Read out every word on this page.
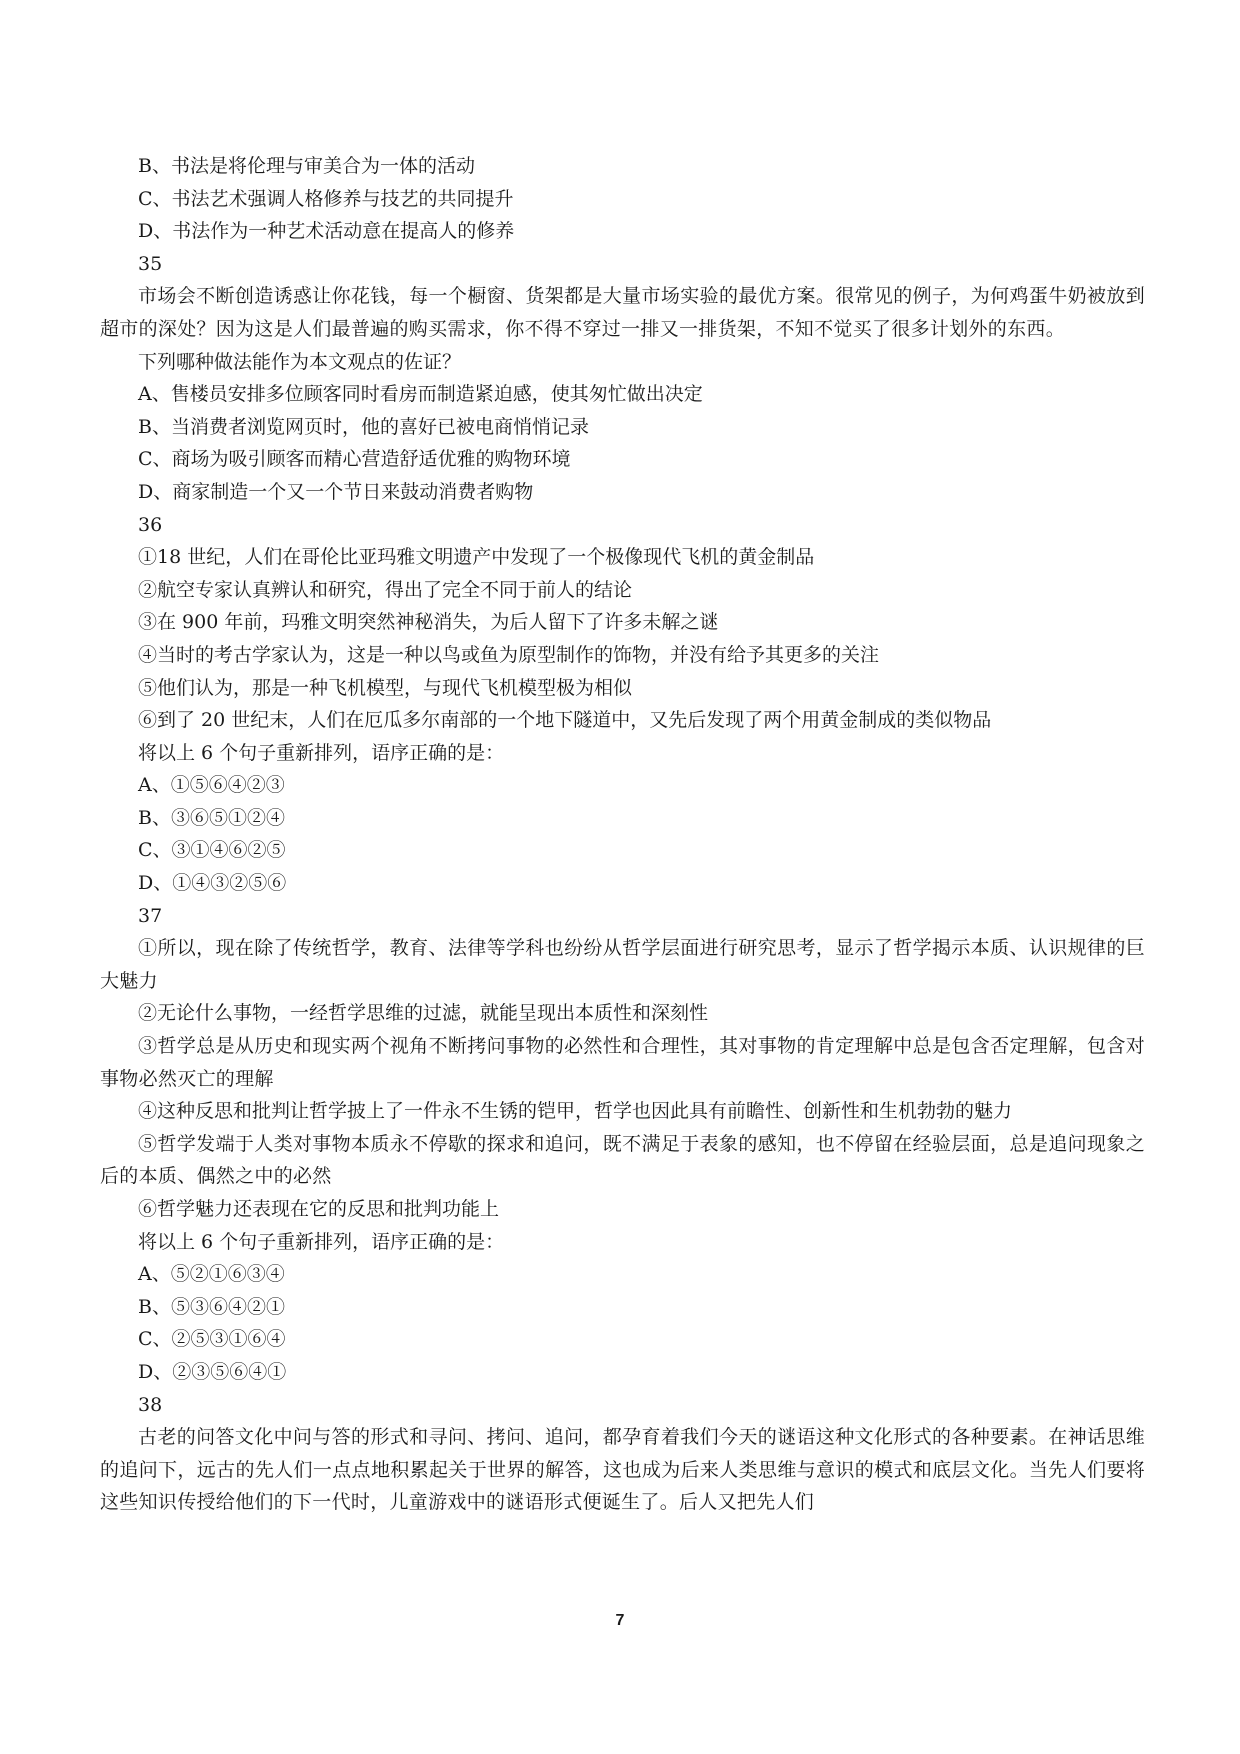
B、书法是将伦理与审美合为一体的活动

C、书法艺术强调人格修养与技艺的共同提升

D、书法作为一种艺术活动意在提高人的修养

35

市场会不断创造诱惑让你花钱，每一个橱窗、货架都是大量市场实验的最优方案。很常见的例子，为何鸡蛋牛奶被放到超市的深处？因为这是人们最普遍的购买需求，你不得不穿过一排又一排货架，不知不觉买了很多计划外的东西。

下列哪种做法能作为本文观点的佐证？

A、售楼员安排多位顾客同时看房而制造紧迫感，使其匆忙做出决定

B、当消费者浏览网页时，他的喜好已被电商悄悄记录

C、商场为吸引顾客而精心营造舒适优雅的购物环境

D、商家制造一个又一个节日来鼓动消费者购物

36

①18 世纪，人们在哥伦比亚玛雅文明遗产中发现了一个极像现代飞机的黄金制品

②航空专家认真辨认和研究，得出了完全不同于前人的结论

③在 900 年前，玛雅文明突然神秘消失，为后人留下了许多未解之谜

④当时的考古学家认为，这是一种以鸟或鱼为原型制作的饰物，并没有给予其更多的关注

⑤他们认为，那是一种飞机模型，与现代飞机模型极为相似

⑥到了 20 世纪末，人们在厄瓜多尔南部的一个地下隧道中，又先后发现了两个用黄金制成的类似物品

将以上 6 个句子重新排列，语序正确的是：

A、①⑤⑥④②③

B、③⑥⑤①②④

C、③①④⑥②⑤

D、①④③②⑤⑥

37

①所以，现在除了传统哲学，教育、法律等学科也纷纷从哲学层面进行研究思考，显示了哲学揭示本质、认识规律的巨大魅力

②无论什么事物，一经哲学思维的过滤，就能呈现出本质性和深刻性

③哲学总是从历史和现实两个视角不断拷问事物的必然性和合理性，其对事物的肯定理解中总是包含否定理解，包含对事物必然灭亡的理解

④这种反思和批判让哲学披上了一件永不生锈的铠甲，哲学也因此具有前瞻性、创新性和生机勃勃的魅力

⑤哲学发端于人类对事物本质永不停歇的探求和追问，既不满足于表象的感知，也不停留在经验层面，总是追问现象之后的本质、偶然之中的必然

⑥哲学魅力还表现在它的反思和批判功能上

将以上 6 个句子重新排列，语序正确的是：

A、⑤②①⑥③④

B、⑤③⑥④②①

C、②⑤③①⑥④

D、②③⑤⑥④①

38

古老的问答文化中问与答的形式和寻问、拷问、追问，都孕育着我们今天的谜语这种文化形式的各种要素。在神话思维的追问下，远古的先人们一点点地积累起关于世界的解答，这也成为后来人类思维与意识的模式和底层文化。当先人们要将这些知识传授给他们的下一代时，儿童游戏中的谜语形式便诞生了。后人又把先人们

7
